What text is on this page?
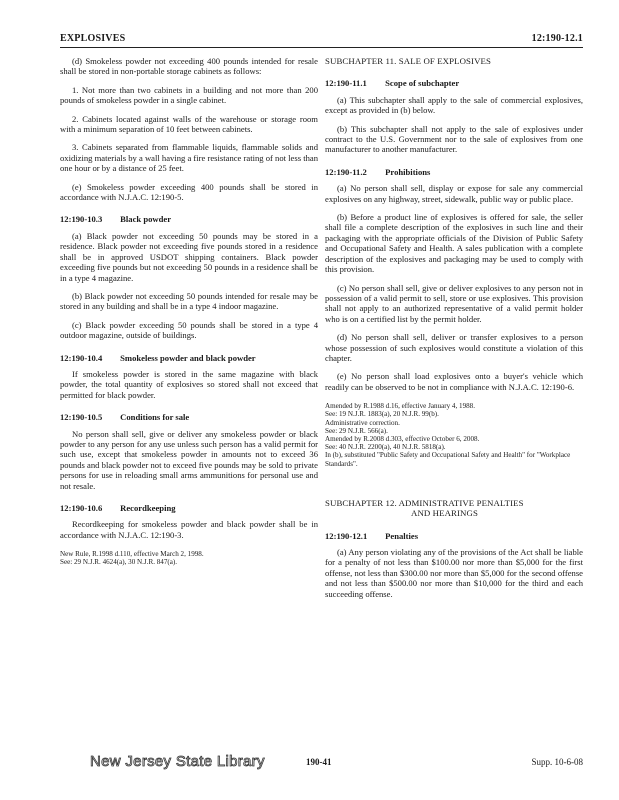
EXPLOSIVES	12:190-12.1

(d) Smokeless powder not exceeding 400 pounds intended for resale shall be stored in non-portable storage cabinets as follows:

1. Not more than two cabinets in a building and not more than 200 pounds of smokeless powder in a single cabinet.

2. Cabinets located against walls of the warehouse or storage room with a minimum separation of 10 feet between cabinets.

3. Cabinets separated from flammable liquids, flammable solids and oxidizing materials by a wall having a fire resistance rating of not less than one hour or by a distance of 25 feet.

(e) Smokeless powder exceeding 400 pounds shall be stored in accordance with N.J.A.C. 12:190-5.

12:190-10.3 Black powder

(a) Black powder not exceeding 50 pounds may be stored in a residence. Black powder not exceeding five pounds stored in a residence shall be in approved USDOT shipping containers. Black powder exceeding five pounds but not exceeding 50 pounds in a residence shall be in a type 4 magazine.

(b) Black powder not exceeding 50 pounds intended for resale may be stored in any building and shall be in a type 4 indoor magazine.

(c) Black powder exceeding 50 pounds shall be stored in a type 4 outdoor magazine, outside of buildings.

12:190-10.4 Smokeless powder and black powder

If smokeless powder is stored in the same magazine with black powder, the total quantity of explosives so stored shall not exceed that permitted for black powder.

12:190-10.5 Conditions for sale

No person shall sell, give or deliver any smokeless powder or black powder to any person for any use unless such person has a valid permit for such use, except that smokeless powder in amounts not to exceed 36 pounds and black powder not to exceed five pounds may be sold to private persons for use in reloading small arms ammunitions for personal use and not resale.

12:190-10.6 Recordkeeping

Recordkeeping for smokeless powder and black powder shall be in accordance with N.J.A.C. 12:190-3.

New Rule, R.1998 d.110, effective March 2, 1998.

See: 29 N.J.R. 4624(a), 30 N.J.R. 847(a).

SUBCHAPTER 11. SALE OF EXPLOSIVES
12:190-11.1 Scope of subchapter

(a) This subchapter shall apply to the sale of commercial explosives, except as provided in (b) below.

(b) This subchapter shall not apply to the sale of explosives under contract to the U.S. Government nor to the sale of explosives from one manufacturer to another manufacturer.

12:190-11.2 Prohibitions

(a) No person shall sell, display or expose for sale any commercial explosives on any highway, street, sidewalk, public way or public place.

(b) Before a product line of explosives is offered for sale, the seller shall file a complete description of the explosives in such line and their packaging with the appropriate officials of the Division of Public Safety and Occupational Safety and Health. A sales publication with a complete description of the explosives and packaging may be used to comply with this provision.

(c) No person shall sell, give or deliver explosives to any person not in possession of a valid permit to sell, store or use explosives. This provision shall not apply to an authorized representative of a valid permit holder who is on a certified list by the permit holder.

(d) No person shall sell, deliver or transfer explosives to a person whose possession of such explosives would constitute a violation of this chapter.

(e) No person shall load explosives onto a buyer's vehicle which readily can be observed to be not in compliance with N.J.A.C. 12:190-6.

Amended by R.1988 d.16, effective January 4, 1988.

See: 19 N.J.R. 1883(a), 20 N.J.R. 99(b).

Administrative correction.

See: 29 N.J.R. 566(a).

Amended by R.2008 d.303, effective October 6, 2008.

See: 40 N.J.R. 2200(a), 40 N.J.R. 5818(a).

In (b), substituted "Public Safety and Occupational Safety and Health" for "Workplace Standards".

SUBCHAPTER 12. ADMINISTRATIVE PENALTIES
AND HEARINGS
12:190-12.1 Penalties

(a) Any person violating any of the provisions of the Act shall be liable for a penalty of not less than $100.00 nor more than $5,000 for the first offense, not less than $300.00 nor more than $5,000 for the second offense and not less than $500.00 nor more than $10,000 for the third and each succeeding offense.

New Jersey State Library	190-41	Supp. 10-6-08
